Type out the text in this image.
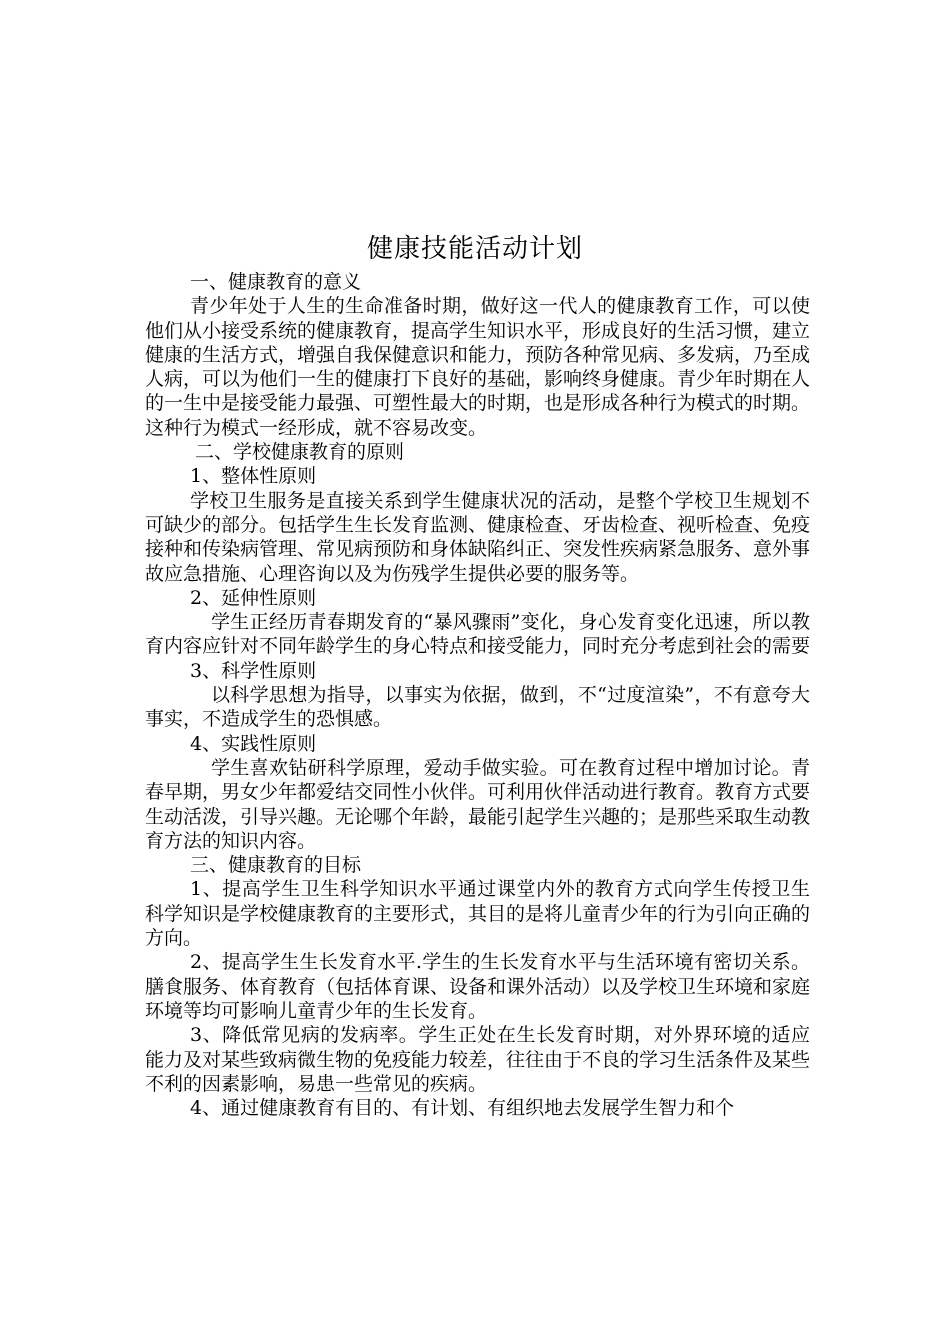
健康技能活动计划

一、健康教育的意义

青少年处于人生的生命准备时期，做好这一代人的健康教育工作，可以使他们从小接受系统的健康教育，提高学生知识水平，形成良好的生活习惯，建立健康的生活方式，增强自我保健意识和能力，预防各种常见病、多发病，乃至成人病，可以为他们一生的健康打下良好的基础，影响终身健康。青少年时期在人的一生中是接受能力最强、可塑性最大的时期，也是形成各种行为模式的时期。这种行为模式一经形成，就不容易改变。

二、学校健康教育的原则

1、整体性原则

学校卫生服务是直接关系到学生健康状况的活动，是整个学校卫生规划不可缺少的部分。包括学生生长发育监测、健康检查、牙齿检查、视听检查、免疫接种和传染病管理、常见病预防和身体缺陷纠正、突发性疾病紧急服务、意外事故应急措施、心理咨询以及为伤残学生提供必要的服务等。

2、延伸性原则

学生正经历青春期发育的“暴风骤雨”变化，身心发育变化迅速，所以教育内容应针对不同年龄学生的身心特点和接受能力，同时充分考虑到社会的需要

3、科学性原则

以科学思想为指导，以事实为依据，做到，不“过度渲染”，不有意夸大事实，不造成学生的恐惧感。

4、实践性原则

学生喜欢钻研科学原理，爱动手做实验。可在教育过程中增加讨论。青春早期，男女少年都爱结交同性小伙伴。可利用伙伴活动进行教育。教育方式要生动活泼，引导兴趣。无论哪个年龄，最能引起学生兴趣的；是那些采取生动教育方法的知识内容。

三、健康教育的目标

1、提高学生卫生科学知识水平通过课堂内外的教育方式向学生传授卫生科学知识是学校健康教育的主要形式，其目的是将儿童青少年的行为引向正确的方向。

2、提高学生生长发育水平.学生的生长发育水平与生活环境有密切关系。膳食服务、体育教育（包括体育课、设备和课外活动）以及学校卫生环境和家庭环境等均可影响儿童青少年的生长发育。

3、降低常见病的发病率。学生正处在生长发育时期，对外界环境的适应能力及对某些致病微生物的免疫能力较差，往往由于不良的学习生活条件及某些不利的因素影响，易患一些常见的疾病。

4、通过健康教育有目的、有计划、有组织地去发展学生智力和个
